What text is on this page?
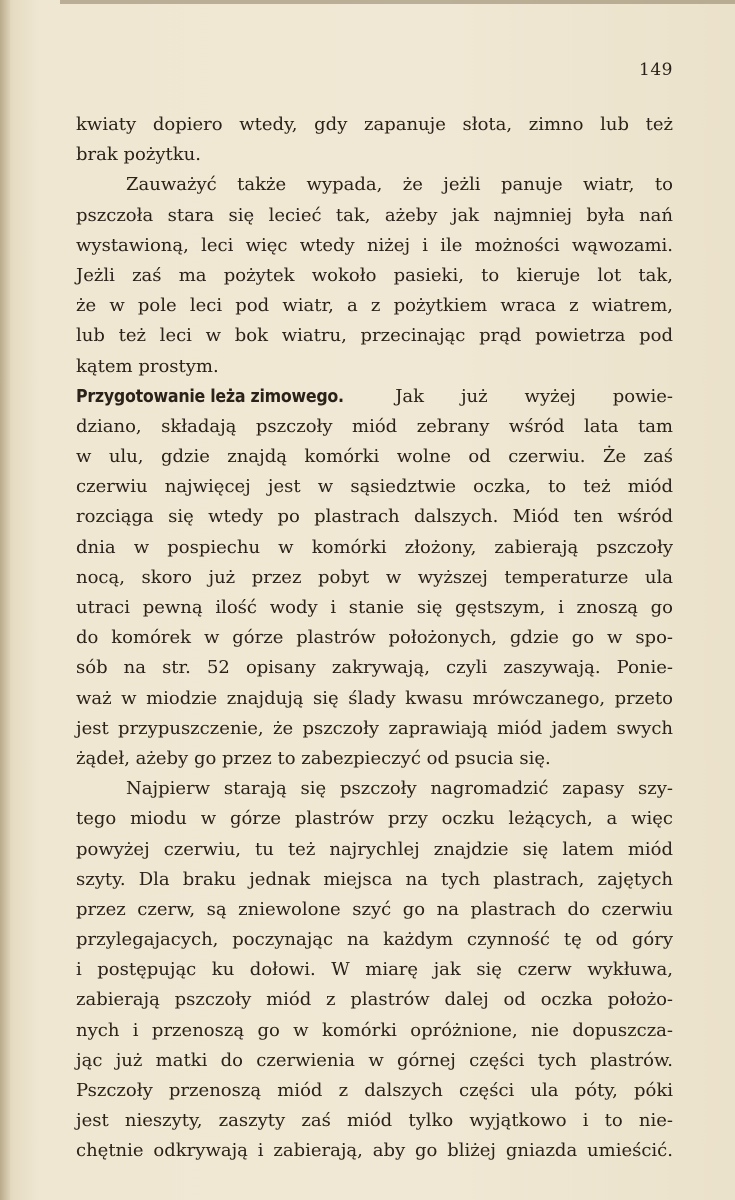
149
kwiaty dopiero wtedy, gdy zapanuje słota, zimno lub też
brak pożytku.
Zauważyć także wypada, że jeżli panuje wiatr, to
pszczoła stara się lecieć tak, ażeby jak najmniej była nań
wystawioną, leci więc wtedy niżej i ile możności wąwozami.
Jeżli zaś ma pożytek wokoło pasieki, to kieruje lot tak,
że w pole leci pod wiatr, a z pożytkiem wraca z wiatrem,
lub też leci w bok wiatru, przecinając prąd powietrza pod
kątem prostym.
Przygotowanie leża zimowego. Jak już wyżej powie-
dziano, składają pszczoły miód zebrany wśród lata tam
w ulu, gdzie znajdą komórki wolne od czerwiu. Że zaś
czerwiu najwięcej jest w sąsiedztwie oczka, to też miód
rozciąga się wtedy po plastrach dalszych. Miód ten wśród
dnia w pospiechu w komórki złożony, zabierają pszczoły
nocą, skoro już przez pobyt w wyższej temperaturze ula
utraci pewną ilość wody i stanie się gęstszym, i znoszą go
do komórek w górze plastrów położonych, gdzie go w spo-
sób na str. 52 opisany zakrywają, czyli zaszywają. Ponie-
waż w miodzie znajdują się ślady kwasu mrówczanego, przeto
jest przypuszczenie, że pszczoły zaprawiają miód jadem swych
żądeł, ażeby go przez to zabezpieczyć od psucia się.
Najpierw starają się pszczoły nagromadzić zapasy szy-
tego miodu w górze plastrów przy oczku leżących, a więc
powyżej czerwiu, tu też najrychlej znajdzie się latem miód
szyty. Dla braku jednak miejsca na tych plastrach, zajętych
przez czerw, są zniewolone szyć go na plastrach do czerwiu
przylegajacych, poczynając na każdym czynność tę od góry
i postępując ku dołowi. W miarę jak się czerw wykłuwa,
zabierają pszczoły miód z plastrów dalej od oczka położo-
nych i przenoszą go w komórki opróżnione, nie dopuszcza-
jąc już matki do czerwienia w górnej części tych plastrów.
Pszczoły przenoszą miód z dalszych części ula póty, póki
jest nieszyty, zaszyty zaś miód tylko wyjątkowo i to nie-
chętnie odkrywają i zabierają, aby go bliżej gniazda umieścić.
